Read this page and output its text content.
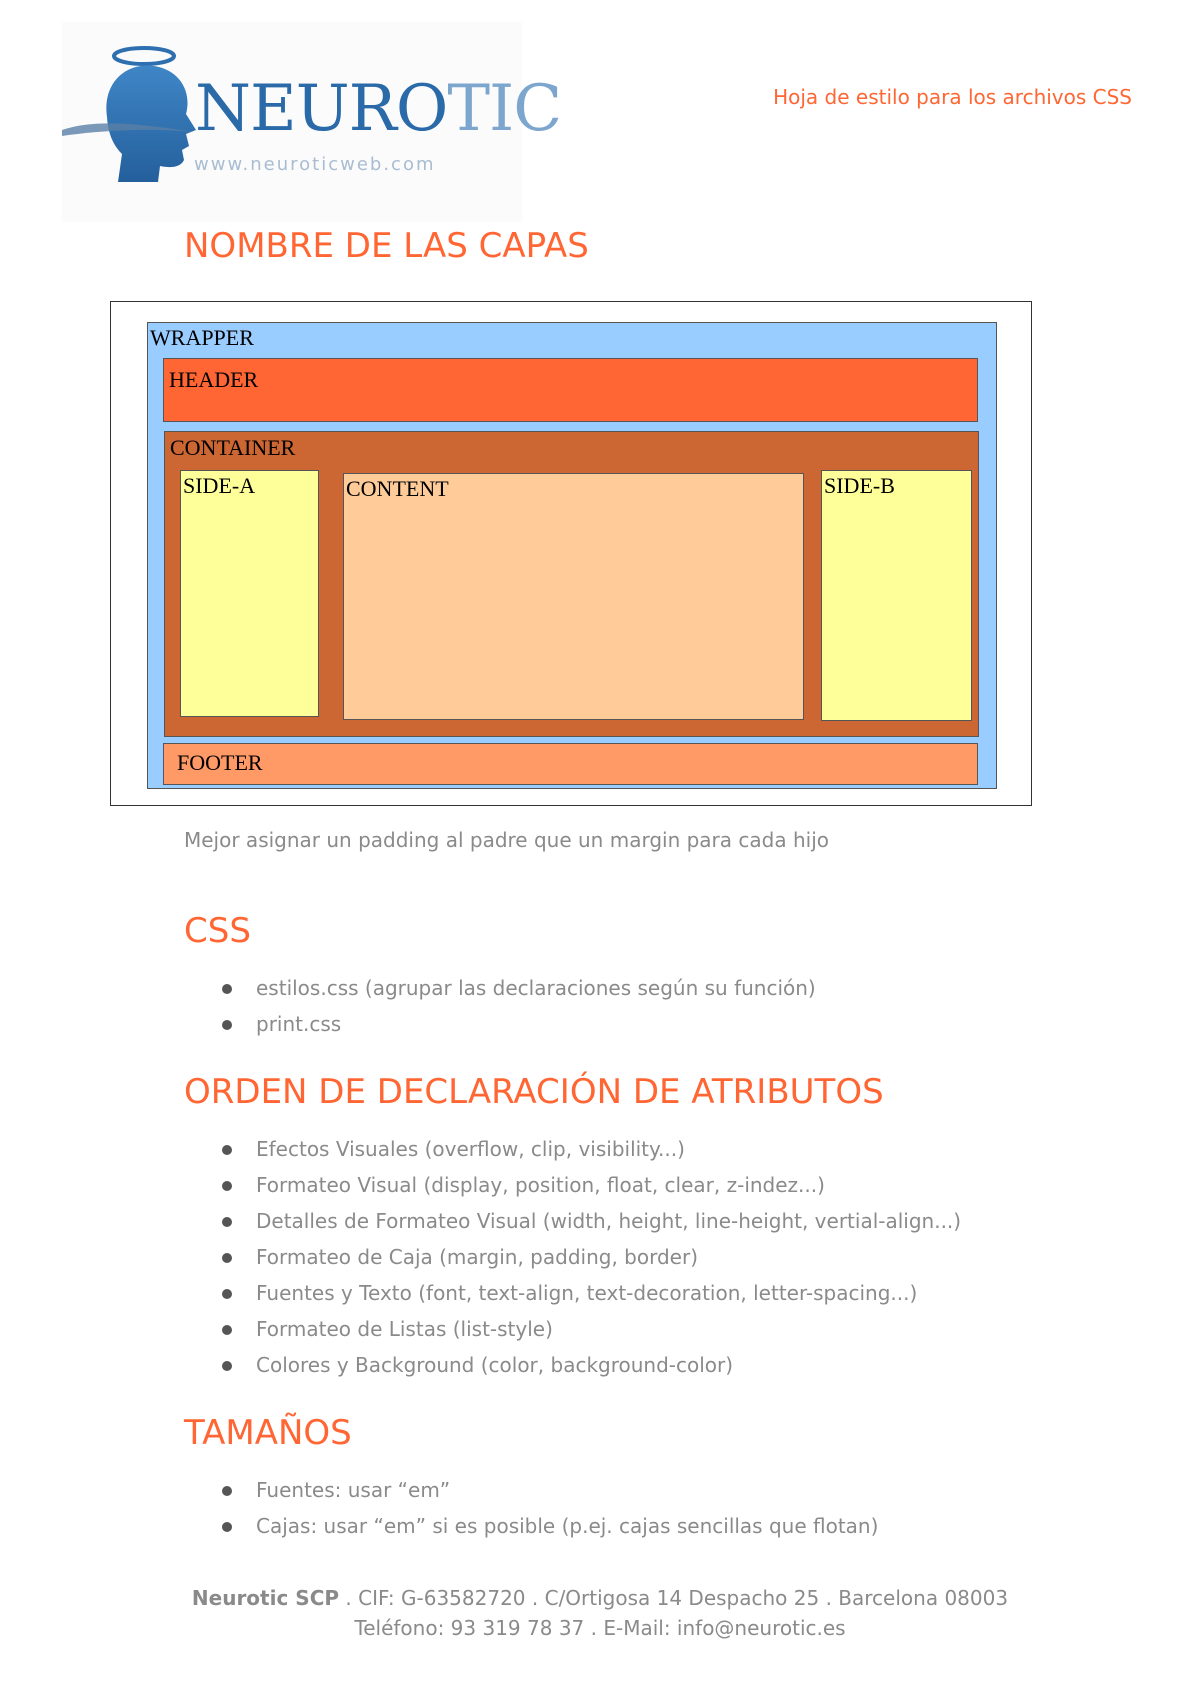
NEUROTIC
www.neuroticweb.com
Hoja de estilo para los archivos CSS
NOMBRE DE LAS CAPAS
WRAPPER
HEADER
CONTAINER
SIDE-A	CONTENT	SIDE-B
FOOTER
Mejor asignar un padding al padre que un margin para cada hijo
CSS
estilos.css (agrupar las declaraciones según su función)
print.css
ORDEN DE DECLARACIÓN DE ATRIBUTOS
Efectos Visuales (overflow, clip, visibility...)
Formateo Visual (display, position, float, clear, z-indez...)
Detalles de Formateo Visual (width, height, line-height, vertial-align...)
Formateo de Caja (margin, padding, border)
Fuentes y Texto (font, text-align, text-decoration, letter-spacing...)
Formateo de Listas (list-style)
Colores y Background (color, background-color)
TAMAÑOS
Fuentes: usar “em”
Cajas: usar “em” si es posible (p.ej. cajas sencillas que flotan)
Neurotic SCP . CIF: G-63582720 . C/Ortigosa 14 Despacho 25 . Barcelona 08003
Teléfono: 93 319 78 37 . E-Mail: info@neurotic.es
